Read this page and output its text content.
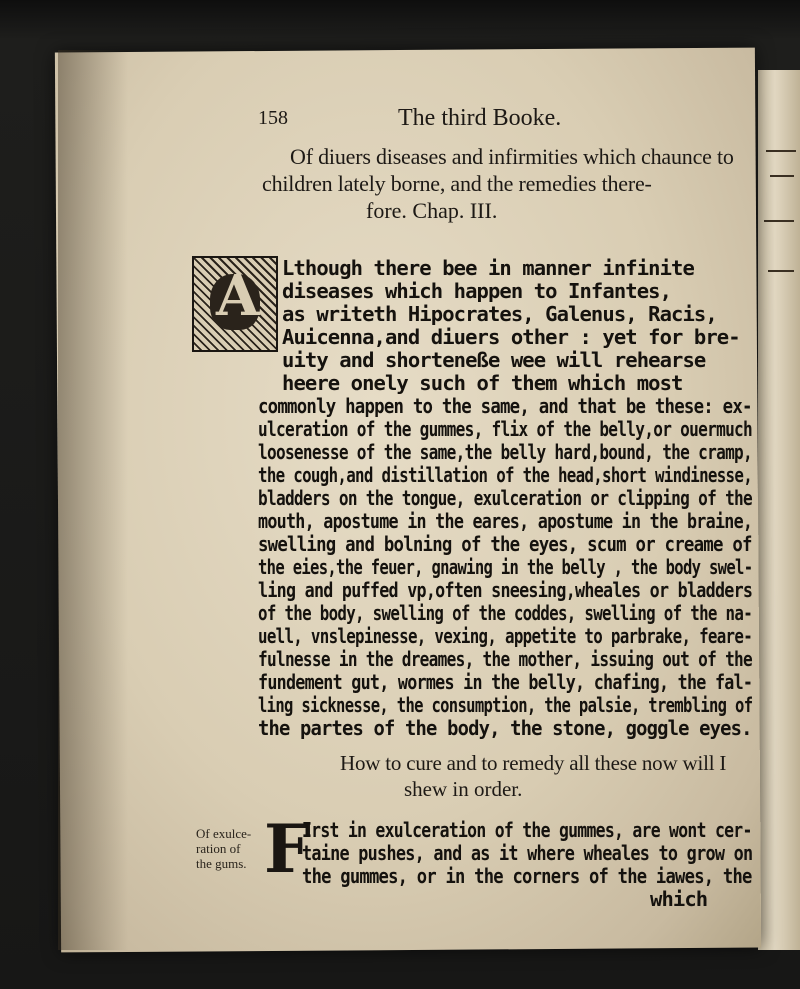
158	The third Booke.
Of diuers diseases and infirmities which chaunce to
children lately borne, and the remedies there-
fore. Chap. III.
A Lthough there bee in manner infinite
diseases which happen to Infantes,
as writeth Hipocrates, Galenus, Racis,
Auicenna,and diuers other : yet for bre-
uity and shorteneße wee will rehearse
heere onely such of them which most
commonly happen to the same, and that be these: ex-
ulceration of the gummes, flix of the belly,or ouermuch
loosenesse of the same,the belly hard,bound, the cramp,
the cough,and distillation of the head,short windinesse,
bladders on the tongue, exulceration or clipping of the
mouth, apostume in the eares, apostume in the braine,
swelling and bolning of the eyes, scum or creame of
the eies,the feuer, gnawing in the belly , the body swel-
ling and puffed vp,often sneesing,wheales or bladders
of the body, swelling of the coddes, swelling of the na-
uell, vnslepinesse, vexing, appetite to parbrake, feare-
fulnesse in the dreames, the mother, issuing out of the
fundement gut, wormes in the belly, chafing, the fal-
ling sicknesse, the consumption, the palsie, trembling of
the partes of the body, the stone, goggle eyes.
How to cure and to remedy all these now will I
shew in order.
Of exulce-
ration of
the gums. F
Irst in exulceration of the gummes, are wont cer-
taine pushes, and as it where wheales to grow on
the gummes, or in the corners of the iawes, the
which
